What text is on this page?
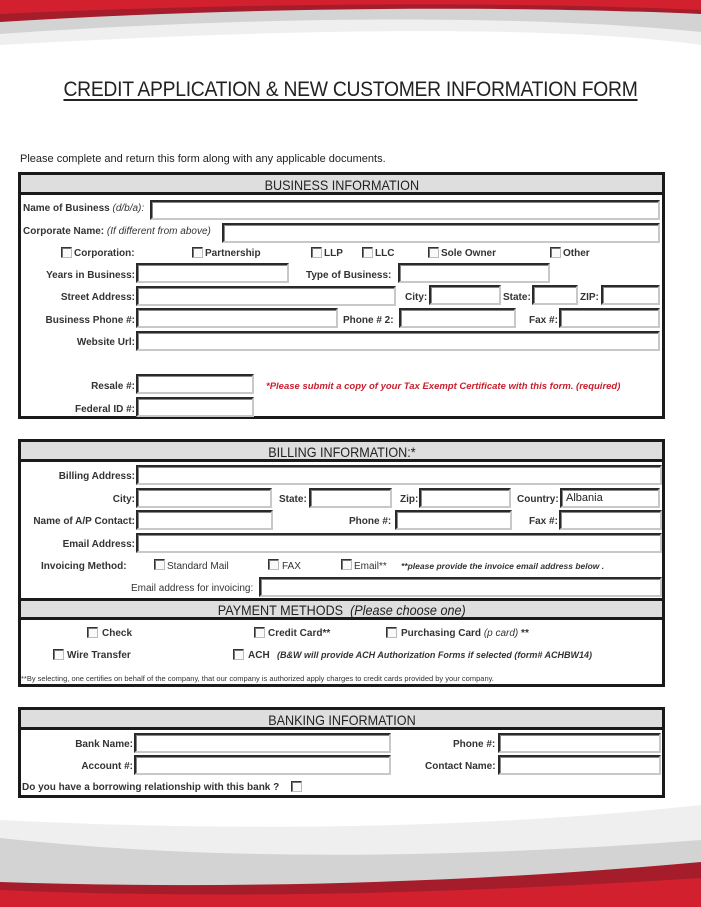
CREDIT APPLICATION & NEW CUSTOMER INFORMATION FORM
Please complete and return this form along with any applicable documents.
BUSINESS INFORMATION
Name of Business (d/b/a):
Corporate Name: (If different from above)
Corporation:	Partnership	LLP	LLC	Sole Owner	Other
Years in Business:	Type of Business:
Street Address:	City:	State:	ZIP:
Business Phone #:	Phone # 2:	Fax #:
Website Url:
Resale #:	*Please submit a copy of your Tax Exempt Certificate with this form. (required)
Federal ID #:
BILLING INFORMATION:*
Billing Address:
City:	State:	Zip:	Country: Albania
Name of A/P Contact:	Phone #:	Fax #:
Email Address:
Invoicing Method:	Standard Mail	FAX	Email** **please provide the invoice email address below .
Email address for invoicing:
PAYMENT METHODS (Please choose one)
Check	Credit Card**	Purchasing Card (p card) **
Wire Transfer	ACH (B&W will provide ACH Authorization Forms if selected (form# ACHBW14)
**By selecting, one certifies on behalf of the company, that our company is authorized apply charges to credit cards provided by your company.
BANKING INFORMATION
Bank Name:	Phone #:
Account #:	Contact Name:
Do you have a borrowing relationship with this bank ?
